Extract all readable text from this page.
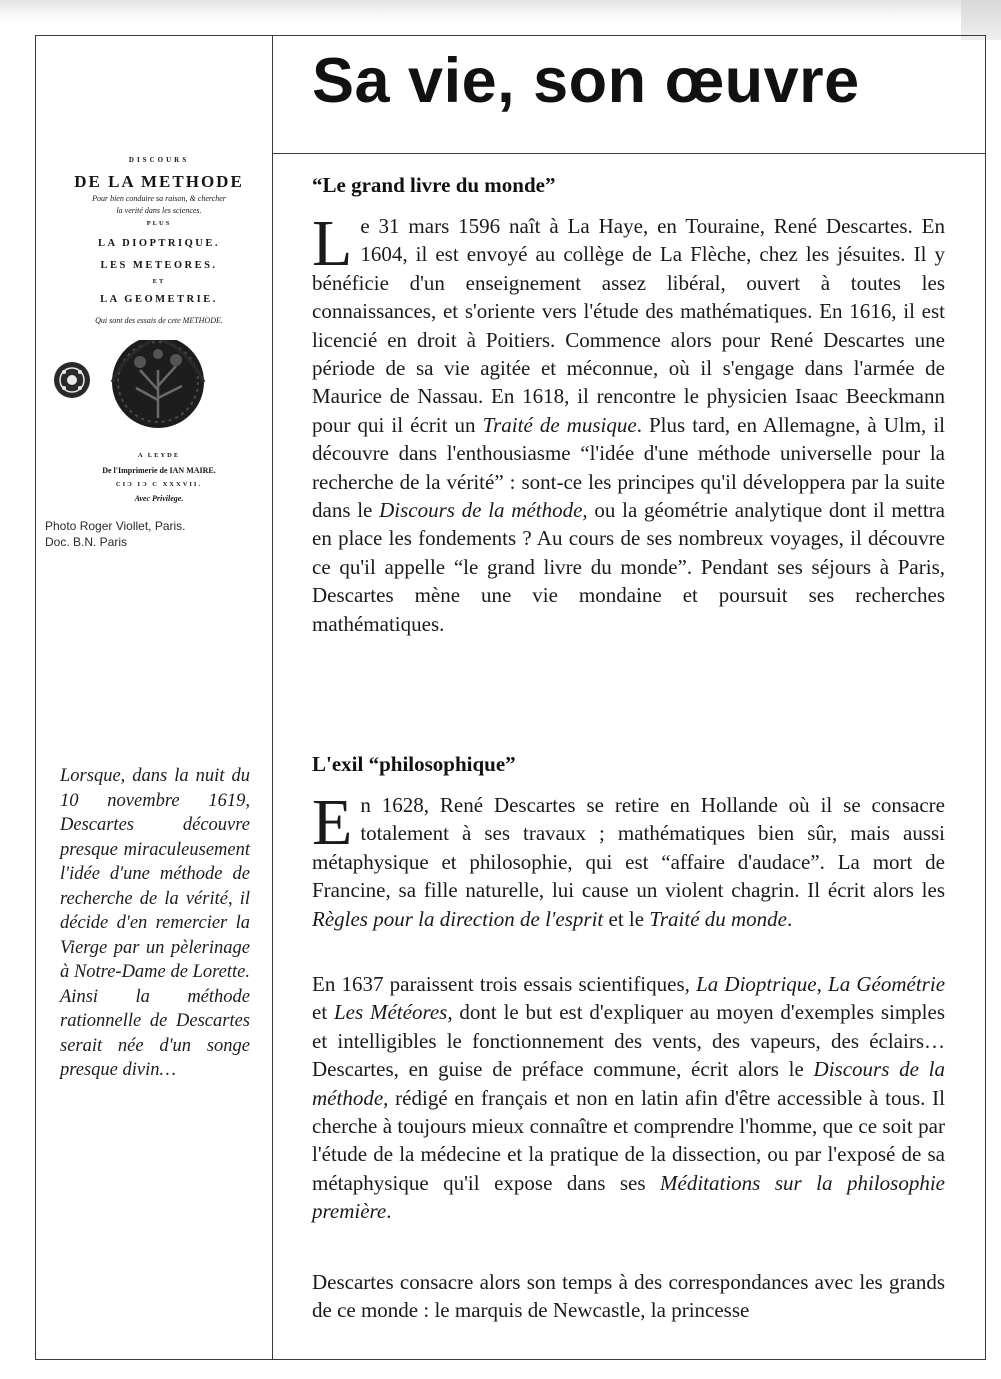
Sa vie, son œuvre
DISCOURS
DE LA METHODE
Pour bien conduire sa raison, & chercher
la verité dans les sciences.
PLUS
LA DIOPTRIQUE.
LES METEORES.
ET
LA GEOMETRIE.
Qui sont des essais de cete METHODE.
A LEYDE
De l'Imprimerie de IAN MAIRE.
CIƆ IƆ C XXXVII.
Avec Privilege.
Photo Roger Viollet, Paris.
Doc. B.N. Paris

Lorsque, dans la nuit du 10 novembre 1619, Descartes découvre presque miraculeusement l'idée d'une méthode de recherche de la vérité, il décide d'en remercier la Vierge par un pèlerinage à Notre-Dame de Lorette. Ainsi la méthode rationnelle de Descartes serait née d'un songe presque divin…

“Le grand livre du monde”

Le 31 mars 1596 naît à La Haye, en Touraine, René Descartes. En 1604, il est envoyé au collège de La Flèche, chez les jésuites. Il y bénéficie d'un enseignement assez libéral, ouvert à toutes les connaissances, et s'oriente vers l'étude des mathématiques. En 1616, il est licencié en droit à Poitiers. Commence alors pour René Descartes une période de sa vie agitée et méconnue, où il s'engage dans l'armée de Maurice de Nassau. En 1618, il rencontre le physicien Isaac Beeckmann pour qui il écrit un Traité de musique. Plus tard, en Allemagne, à Ulm, il découvre dans l'enthousiasme “l'idée d'une méthode universelle pour la recherche de la vérité” : sont-ce les principes qu'il développera par la suite dans le Discours de la méthode, ou la géométrie analytique dont il mettra en place les fondements ? Au cours de ses nombreux voyages, il découvre ce qu'il appelle “le grand livre du monde”. Pendant ses séjours à Paris, Descartes mène une vie mondaine et poursuit ses recherches mathématiques.

L'exil “philosophique”

En 1628, René Descartes se retire en Hollande où il se consacre totalement à ses travaux ; mathématiques bien sûr, mais aussi métaphysique et philosophie, qui est “affaire d'audace”. La mort de Francine, sa fille naturelle, lui cause un violent chagrin. Il écrit alors les Règles pour la direction de l'esprit et le Traité du monde.

En 1637 paraissent trois essais scientifiques, La Dioptrique, La Géométrie et Les Météores, dont le but est d'expliquer au moyen d'exemples simples et intelligibles le fonctionnement des vents, des vapeurs, des éclairs… Descartes, en guise de préface commune, écrit alors le Discours de la méthode, rédigé en français et non en latin afin d'être accessible à tous. Il cherche à toujours mieux connaître et comprendre l'homme, que ce soit par l'étude de la médecine et la pratique de la dissection, ou par l'exposé de sa métaphysique qu'il expose dans ses Méditations sur la philosophie première.

Descartes consacre alors son temps à des correspondances avec les grands de ce monde : le marquis de Newcastle, la princesse
